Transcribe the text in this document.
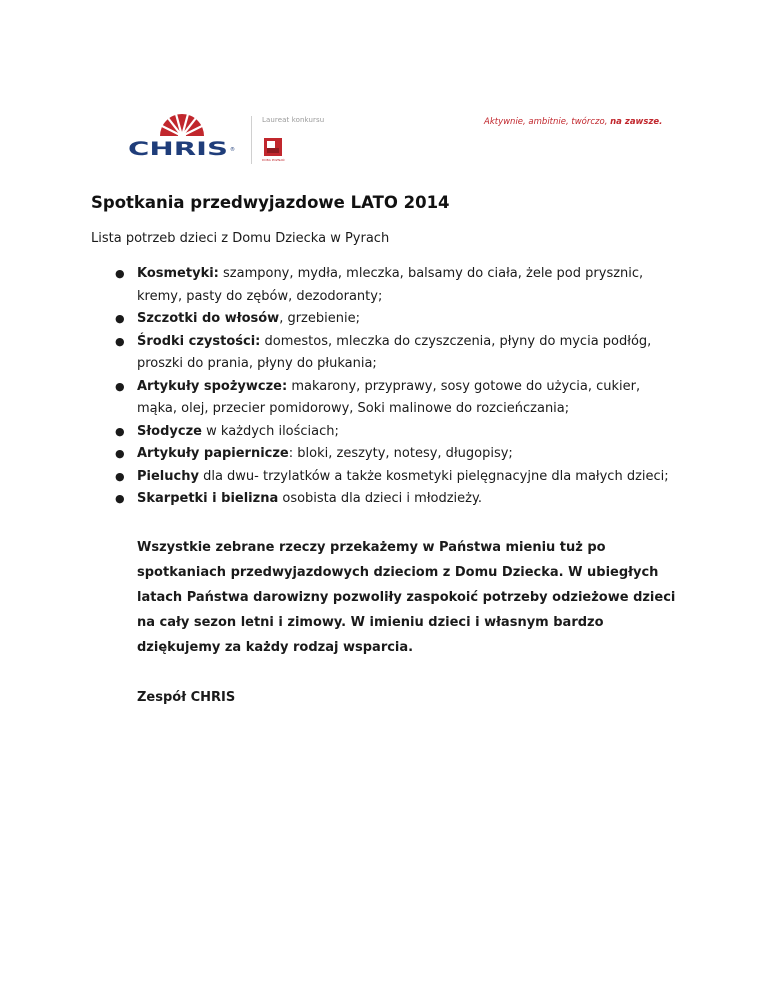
CHRIS ®
Laureat konkursu
DOBA POZNAŃ
Aktywnie, ambitnie, twórczo, na zawsze.
Spotkania przedwyjazdowe LATO 2014

Lista potrzeb dzieci z Domu Dziecka w Pyrach

● Kosmetyki: szampony, mydła, mleczka, balsamy do ciała, żele pod prysznic, kremy, pasty do zębów, dezodoranty;
● Szczotki do włosów, grzebienie;
● Środki czystości: domestos, mleczka do czyszczenia, płyny do mycia podłóg, proszki do prania, płyny do płukania;
● Artykuły spożywcze: makarony, przyprawy, sosy gotowe do użycia, cukier, mąka, olej, przecier pomidorowy, Soki malinowe do rozcieńczania;
● Słodycze w każdych ilościach;
● Artykuły papiernicze: bloki, zeszyty, notesy, długopisy;
● Pieluchy dla dwu- trzylatków a także kosmetyki pielęgnacyjne dla małych dzieci;
● Skarpetki i bielizna osobista dla dzieci i młodzieży.

Wszystkie zebrane rzeczy przekażemy w Państwa mieniu tuż po spotkaniach przedwyjazdowych dzieciom z Domu Dziecka. W ubiegłych latach Państwa darowizny pozwoliły zaspokoić potrzeby odzieżowe dzieci na cały sezon letni i zimowy. W imieniu dzieci i własnym bardzo dziękujemy za każdy rodzaj wsparcia.

Zespół CHRIS
